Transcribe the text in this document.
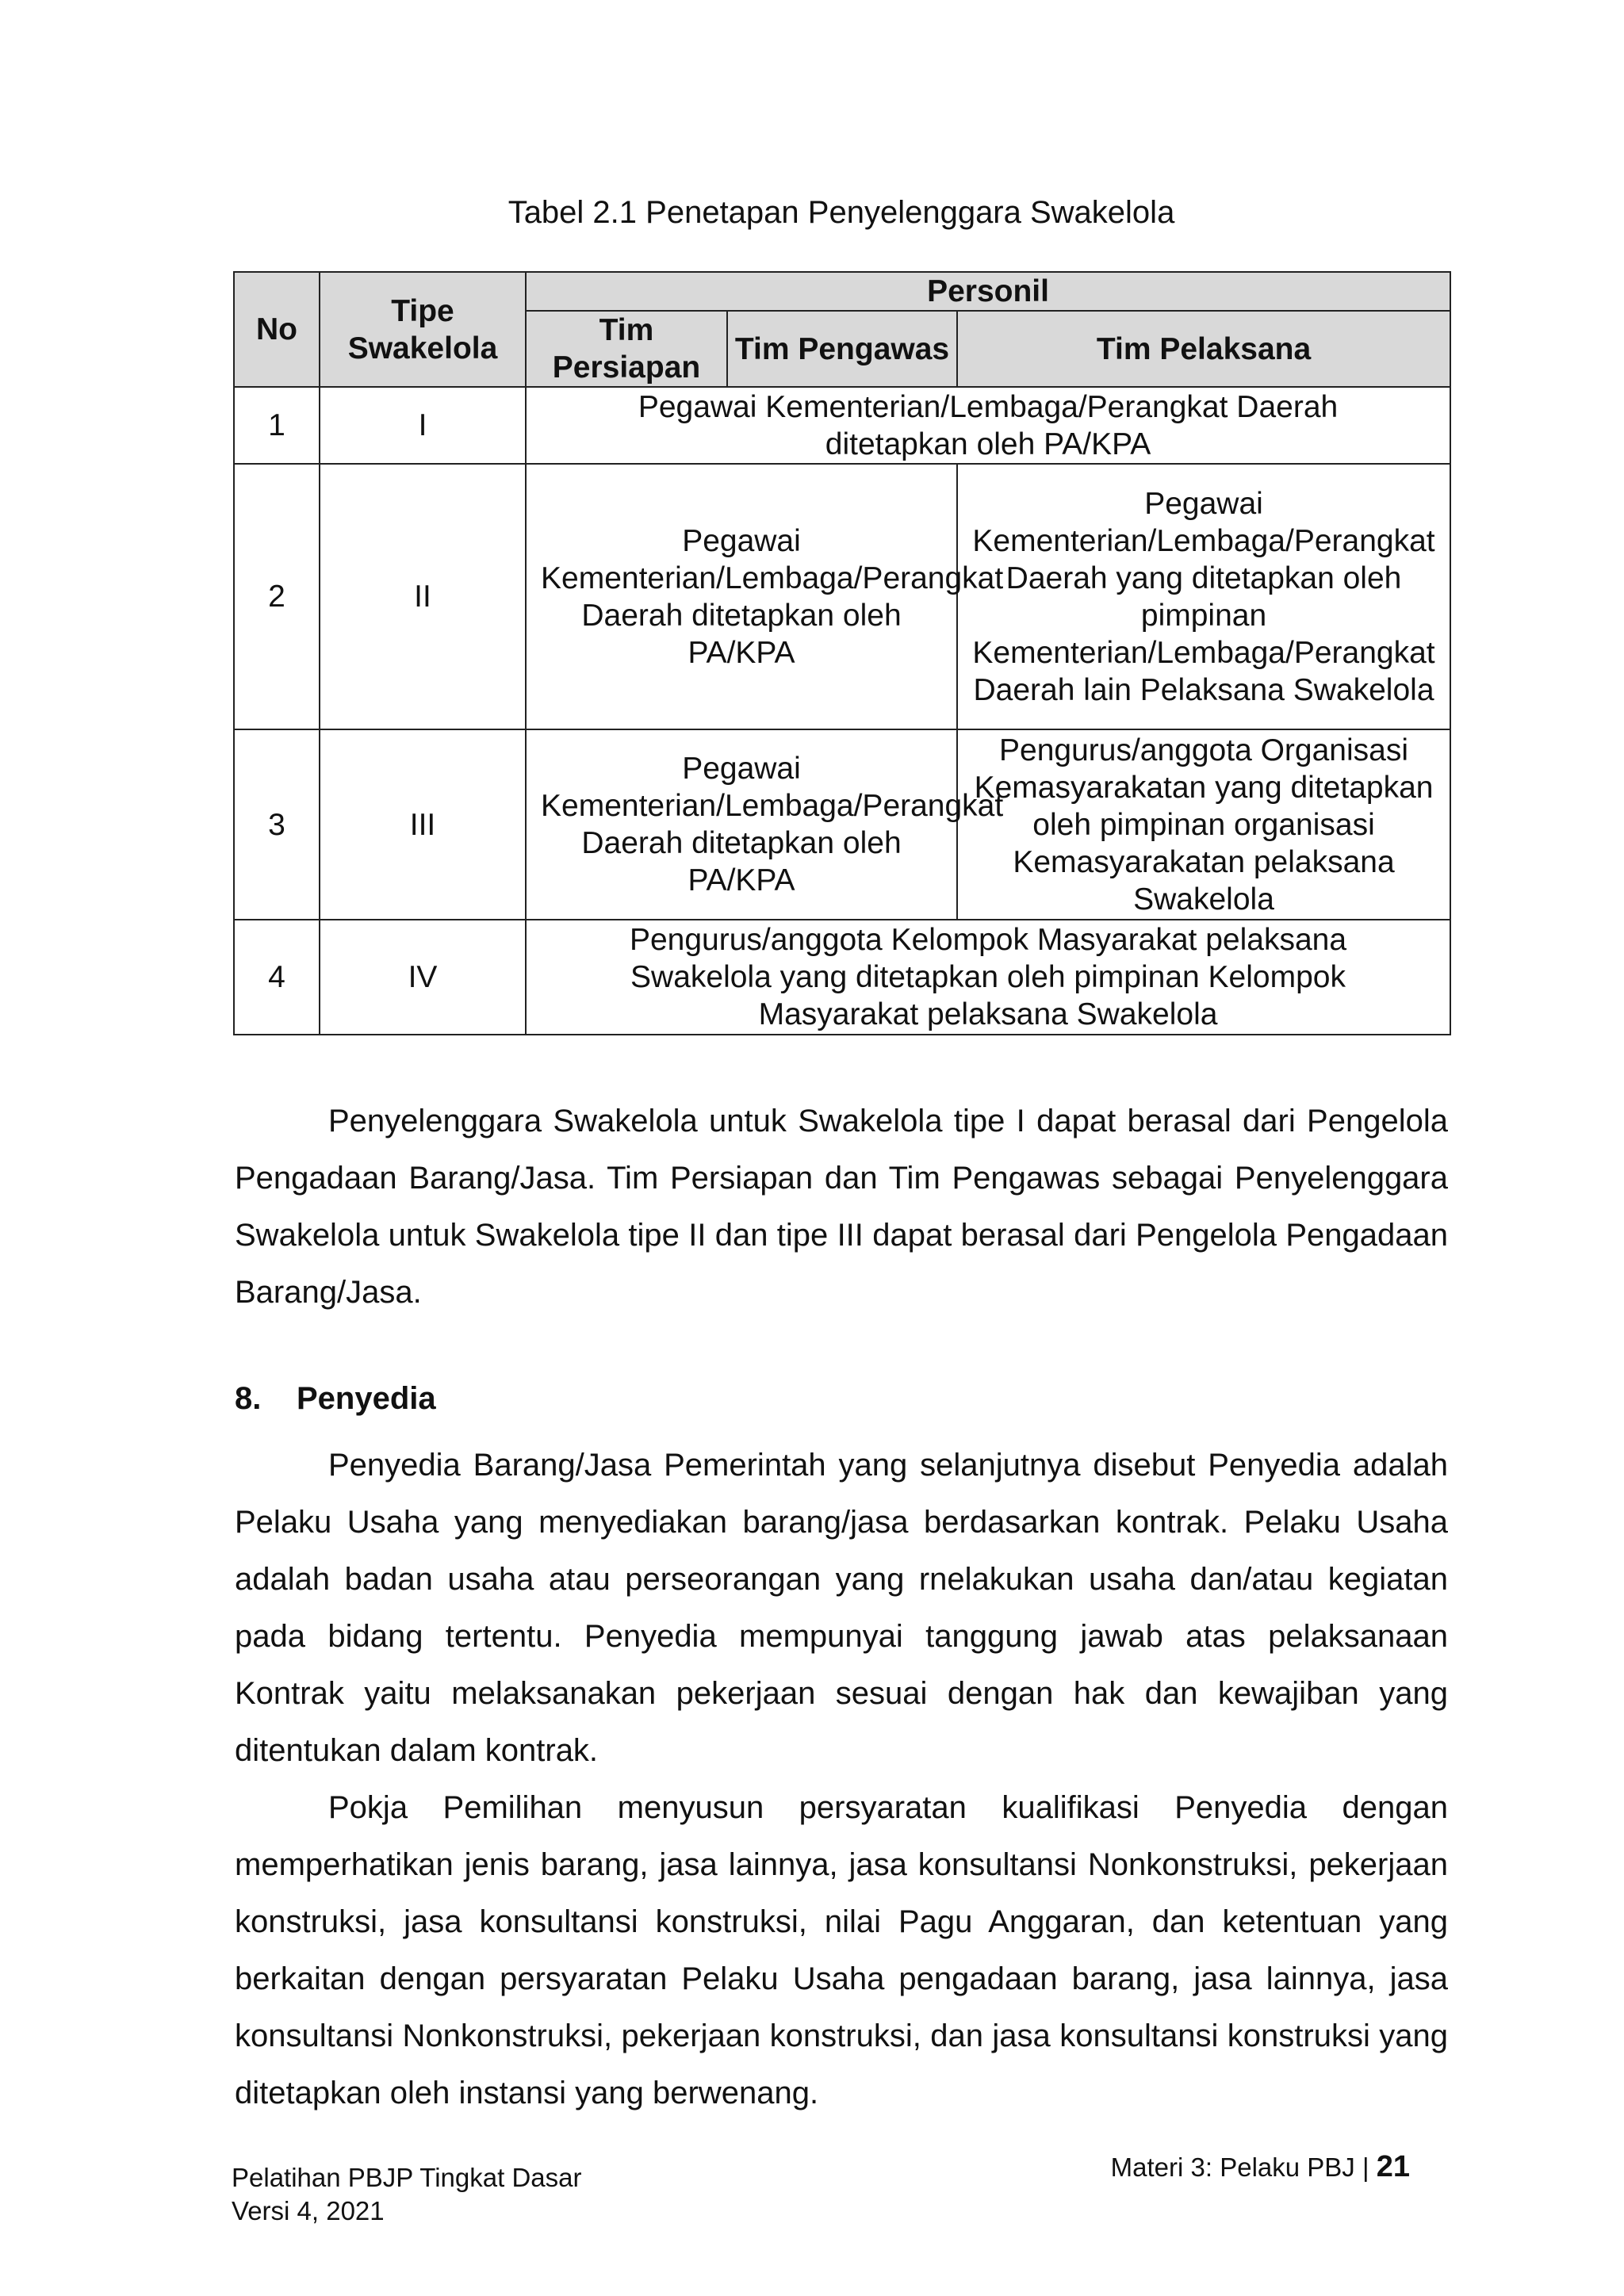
Tabel 2.1 Penetapan Penyelenggara Swakelola
No	Tipe Swakelola	Personil		
		Tim Persiapan	Tim Pengawas	Tim Pelaksana
1	I	Pegawai Kementerian/Lembaga/Perangkat Daerah ditetapkan oleh PA/KPA		
2	II	Pegawai Kementerian/Lembaga/Perangkat Daerah ditetapkan oleh PA/KPA		Pegawai Kementerian/Lembaga/Perangkat Daerah yang ditetapkan oleh pimpinan Kementerian/Lembaga/Perangkat Daerah lain Pelaksana Swakelola
3	III	Pegawai Kementerian/Lembaga/Perangkat Daerah ditetapkan oleh PA/KPA		Pengurus/anggota Organisasi Kemasyarakatan yang ditetapkan oleh pimpinan organisasi Kemasyarakatan pelaksana Swakelola
4	IV	Pengurus/anggota Kelompok Masyarakat pelaksana Swakelola yang ditetapkan oleh pimpinan Kelompok Masyarakat pelaksana Swakelola		

Penyelenggara Swakelola untuk Swakelola tipe I dapat berasal dari Pengelola Pengadaan Barang/Jasa. Tim Persiapan dan Tim Pengawas sebagai Penyelenggara Swakelola untuk Swakelola tipe II dan tipe III dapat berasal dari Pengelola Pengadaan Barang/Jasa.

8. Penyedia

Penyedia Barang/Jasa Pemerintah yang selanjutnya disebut Penyedia adalah Pelaku Usaha yang menyediakan barang/jasa berdasarkan kontrak. Pelaku Usaha adalah badan usaha atau perseorangan yang rnelakukan usaha dan/atau kegiatan pada bidang tertentu. Penyedia mempunyai tanggung jawab atas pelaksanaan Kontrak yaitu melaksanakan pekerjaan sesuai dengan hak dan kewajiban yang ditentukan dalam kontrak.

Pokja Pemilihan menyusun persyaratan kualifikasi Penyedia dengan memperhatikan jenis barang, jasa lainnya, jasa konsultansi Nonkonstruksi, pekerjaan konstruksi, jasa konsultansi konstruksi, nilai Pagu Anggaran, dan ketentuan yang berkaitan dengan persyaratan Pelaku Usaha pengadaan barang, jasa lainnya, jasa konsultansi Nonkonstruksi, pekerjaan konstruksi, dan jasa konsultansi konstruksi yang ditetapkan oleh instansi yang berwenang.

Pelatihan PBJP Tingkat Dasar
Versi 4, 2021
Materi 3: Pelaku PBJ | 21
